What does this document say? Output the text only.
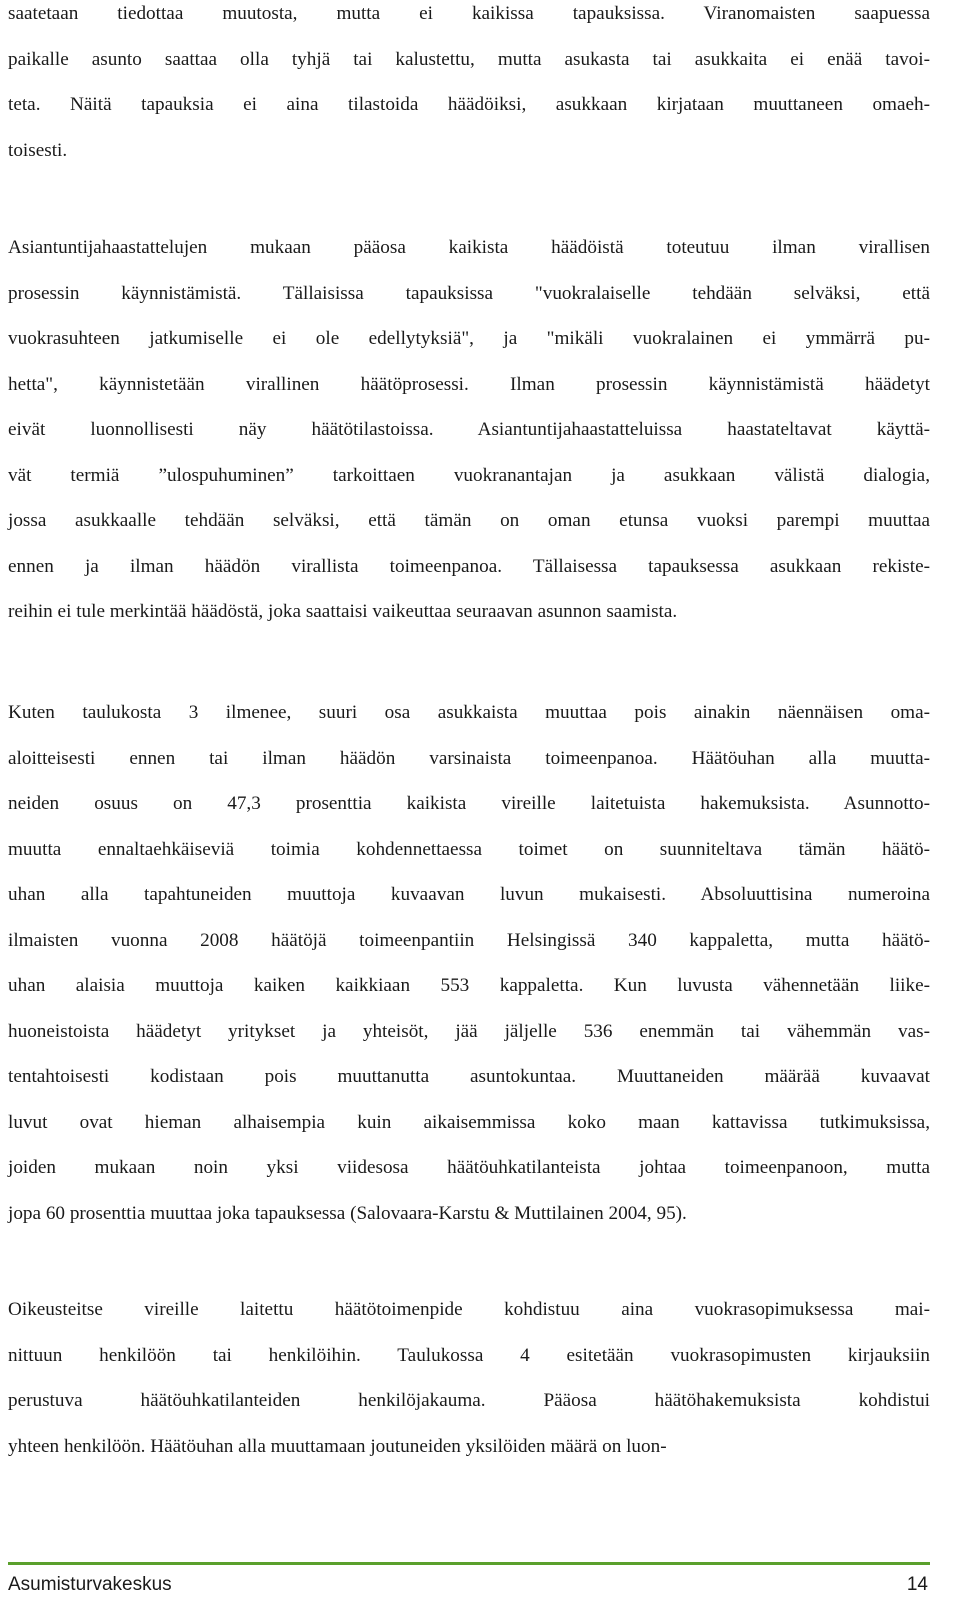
saatetaan tiedottaa muutosta, mutta ei kaikissa tapauksissa. Viranomaisten saapuessa
paikalle asunto saattaa olla tyhjä tai kalustettu, mutta asukasta tai asukkaita ei enää tavoi-
teta. Näitä tapauksia ei aina tilastoida häädöiksi, asukkaan kirjataan muuttaneen omaeh-
toisesti.

Asiantuntijahaastattelujen mukaan pääosa kaikista häädöistä toteutuu ilman virallisen
prosessin käynnistämistä. Tällaisissa tapauksissa "vuokralaiselle tehdään selväksi, että
vuokrasuhteen jatkumiselle ei ole edellytyksiä", ja "mikäli vuokralainen ei ymmärrä pu-
hetta", käynnistetään virallinen häätöprosessi. Ilman prosessin käynnistämistä häädetyt
eivät luonnollisesti näy häätötilastoissa. Asiantuntijahaastatteluissa haastateltavat käyttä-
vät termiä ”ulospuhuminen” tarkoittaen vuokranantajan ja asukkaan välistä dialogia,
jossa asukkaalle tehdään selväksi, että tämän on oman etunsa vuoksi parempi muuttaa
ennen ja ilman häädön virallista toimeenpanoa. Tällaisessa tapauksessa asukkaan rekiste-
reihin ei tule merkintää häädöstä, joka saattaisi vaikeuttaa seuraavan asunnon saamista.

Kuten taulukosta 3 ilmenee, suuri osa asukkaista muuttaa pois ainakin näennäisen oma-
aloitteisesti ennen tai ilman häädön varsinaista toimeenpanoa. Häätöuhan alla muutta-
neiden osuus on 47,3 prosenttia kaikista vireille laitetuista hakemuksista. Asunnotto-
muutta ennaltaehkäiseviä toimia kohdennettaessa toimet on suunniteltava tämän häätö-
uhan alla tapahtuneiden muuttoja kuvaavan luvun mukaisesti. Absoluuttisina numeroina
ilmaisten vuonna 2008 häätöjä toimeenpantiin Helsingissä 340 kappaletta, mutta häätö-
uhan alaisia muuttoja kaiken kaikkiaan 553 kappaletta. Kun luvusta vähennetään liike-
huoneistoista häädetyt yritykset ja yhteisöt, jää jäljelle 536 enemmän tai vähemmän vas-
tentahtoisesti kodistaan pois muuttanutta asuntokuntaa. Muuttaneiden määrää kuvaavat
luvut ovat hieman alhaisempia kuin aikaisemmissa koko maan kattavissa tutkimuksissa,
joiden mukaan noin yksi viidesosa häätöuhkatilanteista johtaa toimeenpanoon, mutta
jopa 60 prosenttia muuttaa joka tapauksessa (Salovaara-Karstu & Muttilainen 2004, 95).

Oikeusteitse vireille laitettu häätötoimenpide kohdistuu aina vuokrasopimuksessa mai-
nittuun henkilöön tai henkilöihin. Taulukossa 4 esitetään vuokrasopimusten kirjauksiin
perustuva häätöuhkatilanteiden henkilöjakauma. Pääosa häätöhakemuksista kohdistui
yhteen henkilöön. Häätöuhan alla muuttamaan joutuneiden yksilöiden määrä on luon-

Asumisturvakeskus	14
